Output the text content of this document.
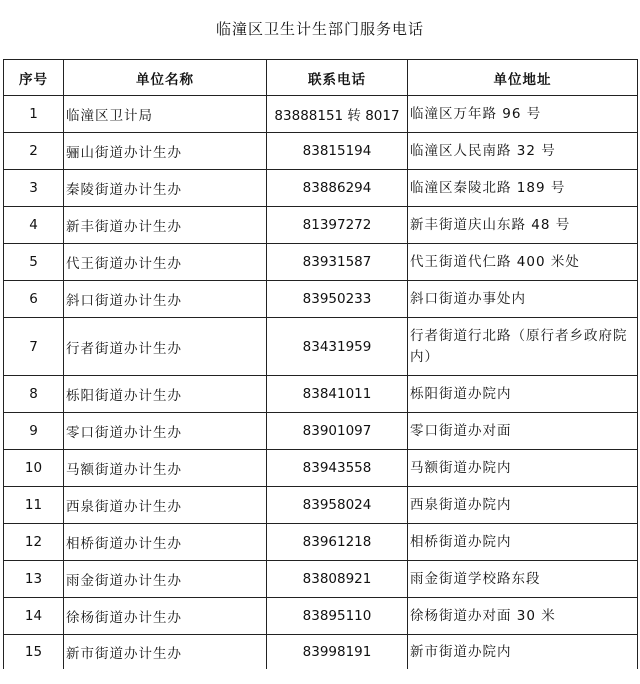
临潼区卫生计生部门服务电话
序号	单位名称	联系电话	单位地址
1	临潼区卫计局	83888151 转 8017	临潼区万年路 96 号
2	骊山街道办计生办	83815194	临潼区人民南路 32 号
3	秦陵街道办计生办	83886294	临潼区秦陵北路 189 号
4	新丰街道办计生办	81397272	新丰街道庆山东路 48 号
5	代王街道办计生办	83931587	代王街道代仁路 400 米处
6	斜口街道办计生办	83950233	斜口街道办事处内
7	行者街道办计生办	83431959	行者街道行北路（原行者乡政府院内）
8	栎阳街道办计生办	83841011	栎阳街道办院内
9	零口街道办计生办	83901097	零口街道办对面
10	马额街道办计生办	83943558	马额街道办院内
11	西泉街道办计生办	83958024	西泉街道办院内
12	相桥街道办计生办	83961218	相桥街道办院内
13	雨金街道办计生办	83808921	雨金街道学校路东段
14	徐杨街道办计生办	83895110	徐杨街道办对面 30 米
15	新市街道办计生办	83998191	新市街道办院内
